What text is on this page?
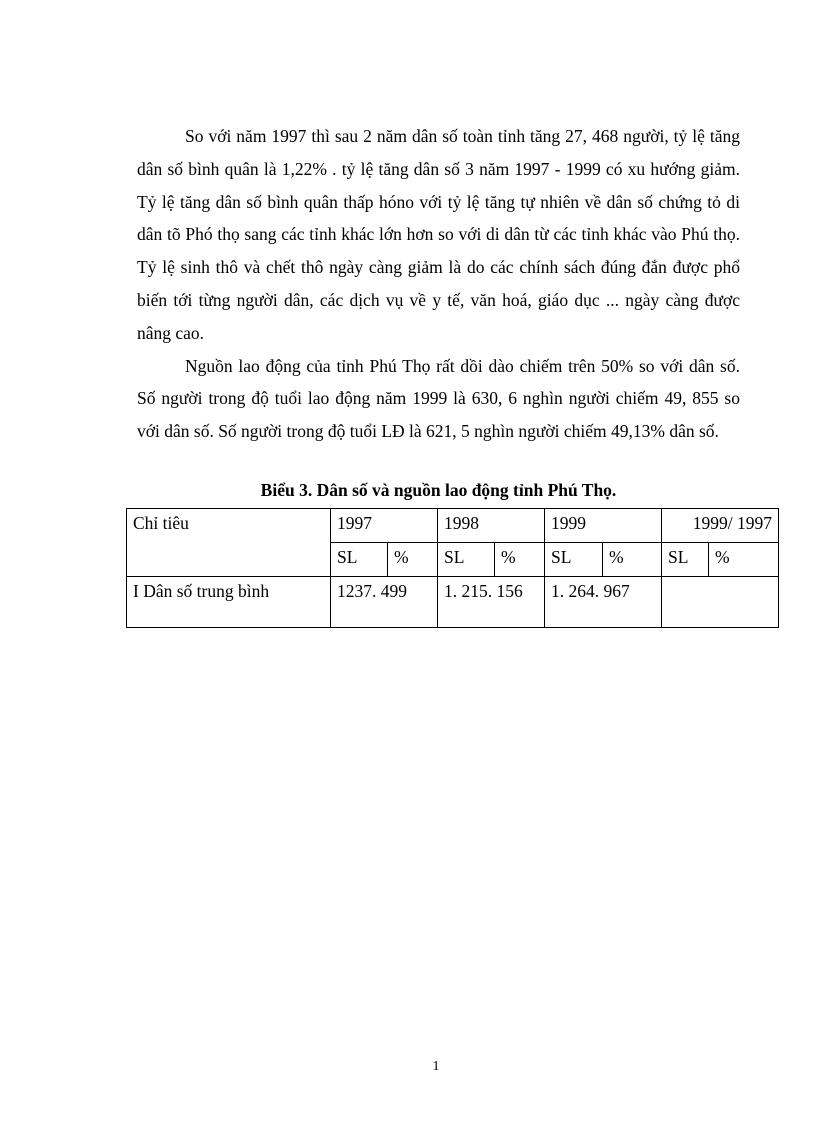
So với năm 1997 thì sau 2 năm dân số toàn tỉnh tăng 27, 468 người, tỷ lệ tăng dân số bình quân là 1,22% . tỷ lệ tăng dân số 3 năm 1997 - 1999 có xu hướng giảm. Tỷ lệ tăng dân số bình quân thấp hóno với tỷ lệ tăng tự nhiên về dân số chứng tỏ di dân tõ Phó thọ sang các tỉnh khác lớn hơn so với di dân từ các tỉnh khác vào Phú thọ. Tỷ lệ sinh thô và chết thô ngày càng giảm là do các chính sách đúng đắn được phổ biến tới từng người dân, các dịch vụ về y tế, văn hoá, giáo dục ... ngày càng được nâng cao.

Nguồn lao động của tỉnh Phú Thọ rất dồi dào chiếm trên 50% so với dân số. Số người trong độ tuổi lao động năm 1999 là 630, 6 nghìn người chiếm 49, 855 so với dân số. Số người trong độ tuổi LĐ là 621, 5 nghìn người chiếm 49,13% dân số.

Biểu 3. Dân số và nguồn lao động tỉnh Phú Thọ.
Chỉ tiêu	1997		1998		1999		1999/ 1997	
	SL	%	SL	%	SL	%	SL	%
I Dân số trung bình	1237. 499		1. 215. 156		1. 264. 967			
1
